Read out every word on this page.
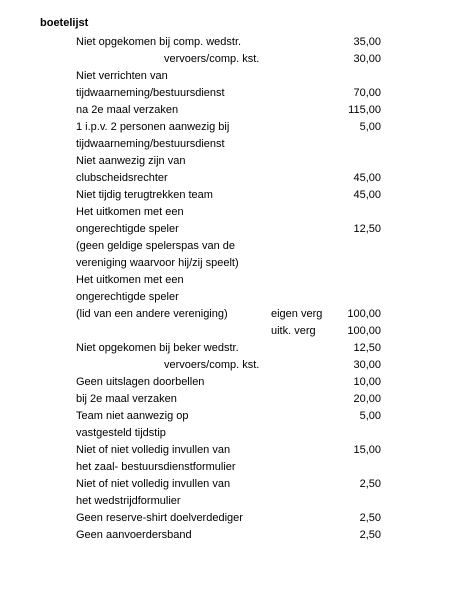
boetelijst
Niet opgekomen bij comp. wedstr.	35,00
vervoers/comp. kst.	30,00
Niet verrichten van
tijdwaarneming/bestuursdienst	70,00
na 2e maal verzaken	115,00
1 i.p.v. 2 personen aanwezig bij	5,00
tijdwaarneming/bestuursdienst
Niet aanwezig zijn van
clubscheidsrechter	45,00
Niet tijdig terugtrekken team	45,00
Het uitkomen met een
ongerechtigde speler	12,50
(geen geldige spelerspas van de
vereniging waarvoor hij/zij speelt)
Het uitkomen met een
ongerechtigde speler
(lid van een andere vereniging)	eigen verg 100,00
uitk. verg	100,00
Niet opgekomen bij beker wedstr.	12,50
vervoers/comp. kst.	30,00
Geen uitslagen doorbellen	10,00
bij 2e maal verzaken	20,00
Team niet aanwezig op	5,00
vastgesteld tijdstip
Niet of niet volledig invullen van	15,00
het zaal- bestuursdienstformulier
Niet of niet volledig invullen van	2,50
het wedstrijdformulier
Geen reserve-shirt doelverdediger	2,50
Geen aanvoerdersband	2,50
